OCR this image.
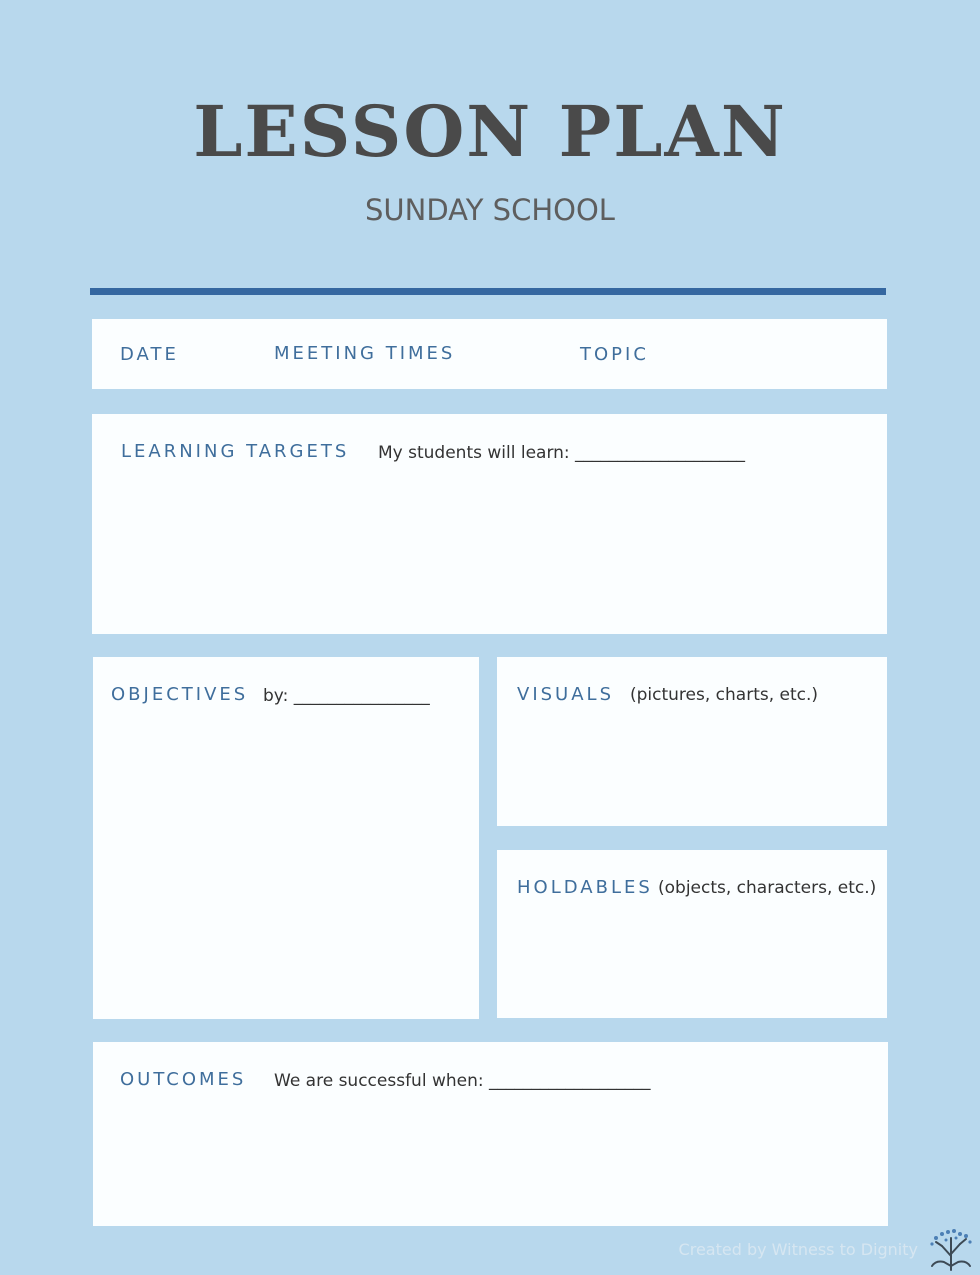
LESSON PLAN
SUNDAY SCHOOL
DATE	MEETING TIMES	TOPIC
LEARNING TARGETS My students will learn: ____________________
OBJECTIVES by: ________________	VISUALS (pictures, charts, etc.)
HOLDABLES (objects, characters, etc.)
OUTCOMES We are successful when: ___________________
Created by Witness to Dignity
